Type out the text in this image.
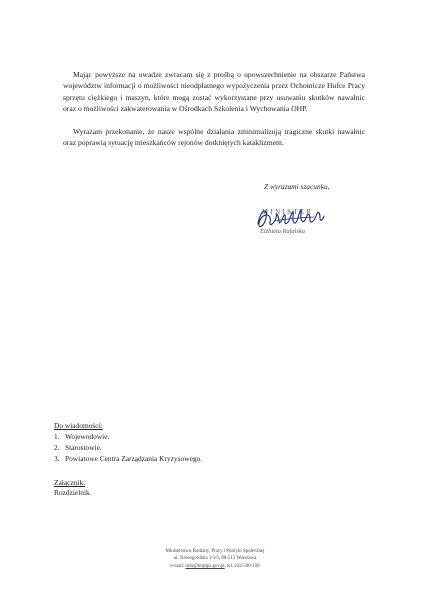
Mając powyższe na uwadze zwracam się z prośbą o upowszechnienie na obszarze Państwa województw informacji o możliwości nieodpłatnego wypożyczenia przez Ochotnicze Hufce Pracy sprzętu ciężkiego i maszyn, które mogą zostać wykorzystane przy usuwaniu skutków nawałnic oraz o możliwości zakwaterowania w Ośrodkach Szkolenia i Wychowania OHP.

Wyrażam przekonanie, że nasze wspólne działania zminimalizują tragiczne skutki nawałnic oraz poprawią sytuację mieszkańców rejonów dotkniętych kataklizmem.

Z wyrazami szacunku,
MINISTER
Elżbieta Rafalska
Do wiadomości:
1. Wojewodowie.
2. Starostowie.
3. Powiatowe Centra Zarządzania Kryzysowego.
Załącznik:
Rozdzielnik.
Ministerstwo Rodziny, Pracy i Polityki Społecznej
ul. Nowogrodzka 1/3/5, 00-513 Warszawa
e-mail: info@mrpips.gov.pl, tel. 222-500-108
